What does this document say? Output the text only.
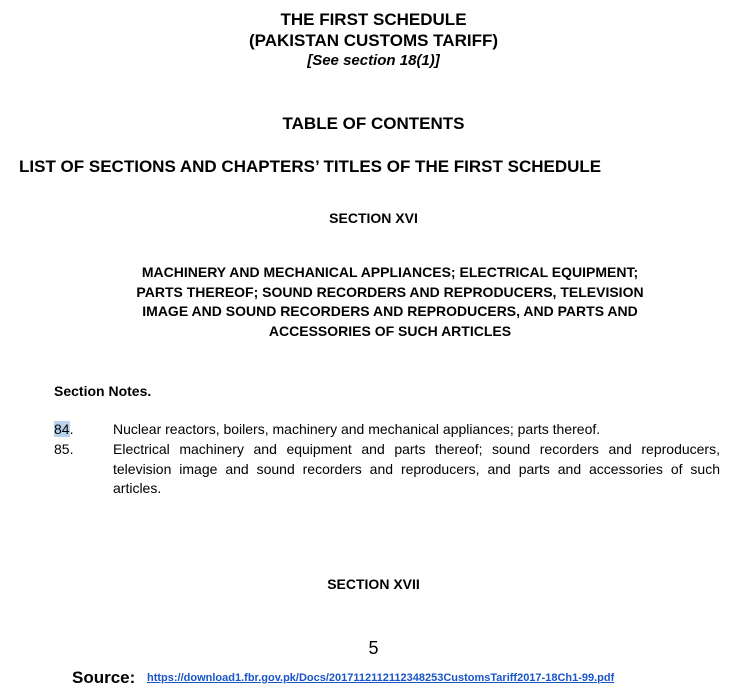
THE FIRST SCHEDULE
(PAKISTAN CUSTOMS TARIFF)
[See section 18(1)]
TABLE OF CONTENTS
LIST OF SECTIONS AND CHAPTERS’ TITLES OF THE FIRST SCHEDULE
SECTION XVI
MACHINERY AND MECHANICAL APPLIANCES; ELECTRICAL EQUIPMENT;
PARTS THEREOF; SOUND RECORDERS AND REPRODUCERS, TELEVISION
IMAGE AND SOUND RECORDERS AND REPRODUCERS, AND PARTS AND
ACCESSORIES OF SUCH ARTICLES
Section Notes.
84.	Nuclear reactors, boilers, machinery and mechanical appliances; parts thereof.
85.	Electrical machinery and equipment and parts thereof; sound recorders and reproducers, television image and sound recorders and reproducers, and parts and accessories of such articles.
SECTION XVII
5
Source: https://download1.fbr.gov.pk/Docs/2017112112112348253CustomsTariff2017-18Ch1-99.pdf
